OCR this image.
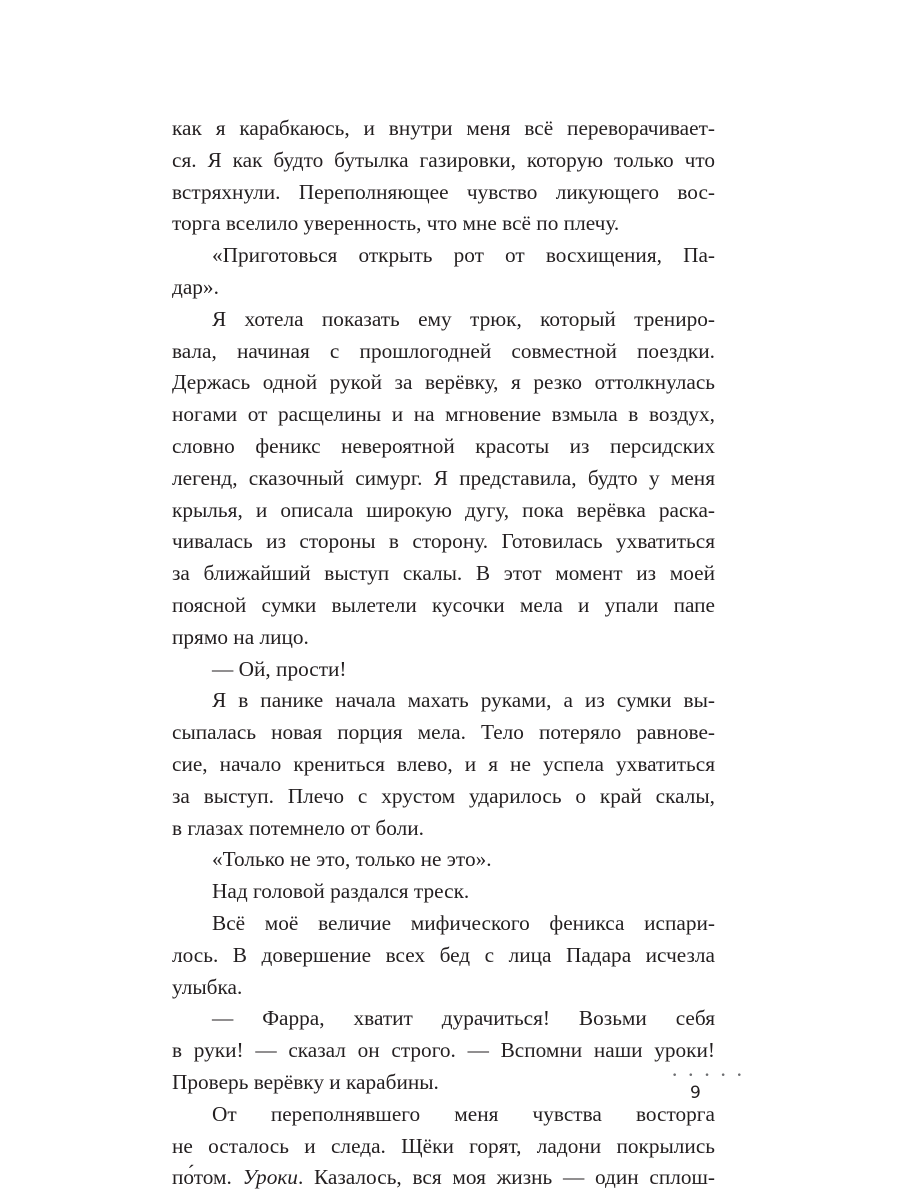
как я карабкаюсь, и внутри меня всё переворачивает-
ся. Я как будто бутылка газировки, которую только что
встряхнули. Переполняющее чувство ликующего вос-
торга вселило уверенность, что мне всё по плечу.
«Приготовься открыть рот от восхищения, Па-
дар».
Я хотела показать ему трюк, который трениро-
вала, начиная с прошлогодней совместной поездки.
Держась одной рукой за верёвку, я резко оттолкнулась
ногами от расщелины и на мгновение взмыла в воздух,
словно феникс невероятной красоты из персидских
легенд, сказочный симург. Я представила, будто у меня
крылья, и описала широкую дугу, пока верёвка раска-
чивалась из стороны в сторону. Готовилась ухватиться
за ближайший выступ скалы. В этот момент из моей
поясной сумки вылетели кусочки мела и упали папе
прямо на лицо.
— Ой, прости!
Я в панике начала махать руками, а из сумки вы-
сыпалась новая порция мела. Тело потеряло равнове-
сие, начало крениться влево, и я не успела ухватиться
за выступ. Плечо с хрустом ударилось о край скалы,
в глазах потемнело от боли.
«Только не это, только не это».
Над головой раздался треск.
Всё моё величие мифического феникса испари-
лось. В довершение всех бед с лица Падара исчезла
улыбка.
— Фарра, хватит дурачиться! Возьми себя
в руки! — сказал он строго. — Вспомни наши уроки!
Проверь верёвку и карабины.
От переполнявшего меня чувства восторга
не осталось и следа. Щёки горят, ладони покрылись
по́том. Уроки. Казалось, вся моя жизнь — один сплош-
• • • • •
9
